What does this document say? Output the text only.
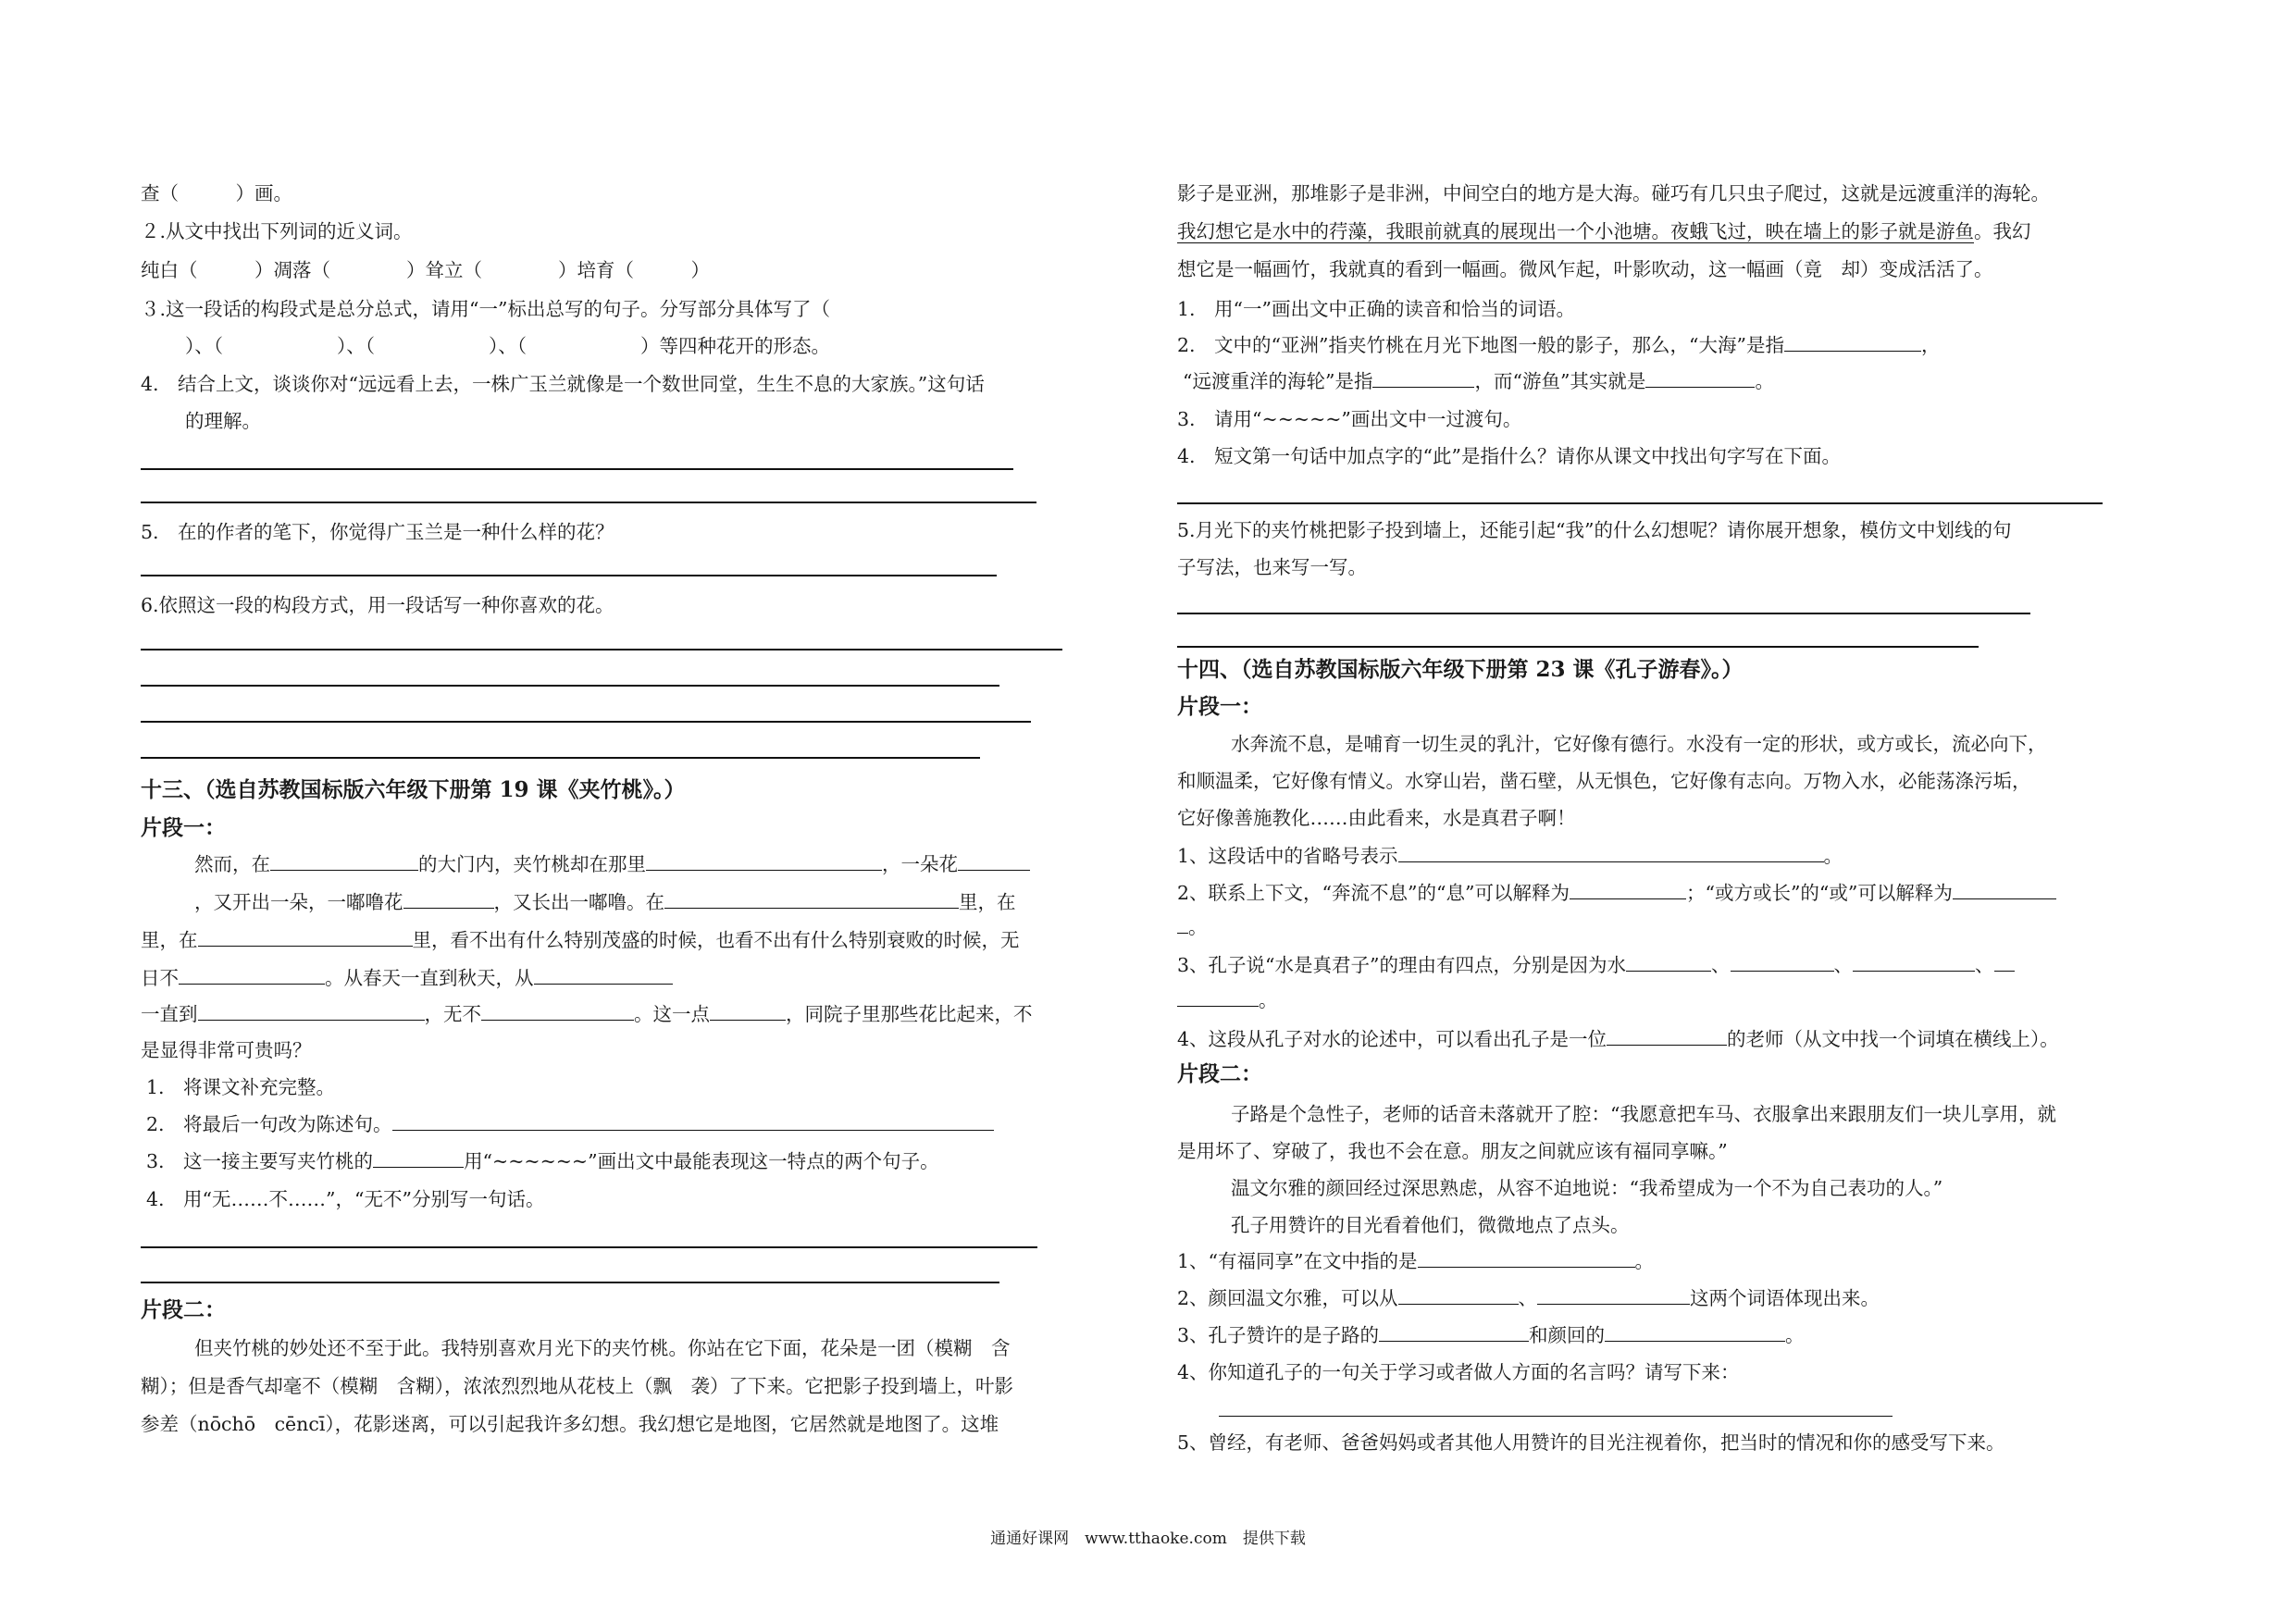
查（　　　）画。
２.从文中找出下列词的近义词。
纯白（　　　）凋落（　　　　）耸立（　　　　）培育（　　　）
３.这一段话的构段式是总分总式，请用“一”标出总写的句子。分写部分具体写了（
）、（　　　　　　）、（　　　　　　）、（　　　　　　）等四种花开的形态。
4.　结合上文，谈谈你对“远远看上去，一株广玉兰就像是一个数世同堂，生生不息的大家族。”这句话
的理解。
5.　在的作者的笔下，你觉得广玉兰是一种什么样的花？
6.依照这一段的构段方式，用一段话写一种你喜欢的花。
十三、（选自苏教国标版六年级下册第 19 课《夹竹桃》。）
片段一：
然而，在	的大门内，夹竹桃却在那里	，一朵花
，又开出一朵，一嘟噜花	，又长出一嘟噜。在	里，在
里，在	里，看不出有什么特别茂盛的时候，也看不出有什么特别衰败的时候，无
日不	。从春天一直到秋天，从
一直到	，无不	。这一点	，同院子里那些花比起来，不
是显得非常可贵吗？
1.　将课文补充完整。
2.　将最后一句改为陈述句。
3.　这一接主要写夹竹桃的	用“~~~~~~”画出文中最能表现这一特点的两个句子。
4.　用“无……不……”，“无不”分别写一句话。
片段二：
但夹竹桃的妙处还不至于此。我特别喜欢月光下的夹竹桃。你站在它下面，花朵是一团（模糊　含
糊）；但是香气却毫不（模糊　含糊），浓浓烈烈地从花枝上（飘　袭）了下来。它把影子投到墙上，叶影
参差（nōchō　cēncī），花影迷离，可以引起我许多幻想。我幻想它是地图，它居然就是地图了。这堆
影子是亚洲，那堆影子是非洲，中间空白的地方是大海。碰巧有几只虫子爬过，这就是远渡重洋的海轮。
我幻想它是水中的荇藻，我眼前就真的展现出一个小池塘。夜蛾飞过，映在墙上的影子就是游鱼。我幻
想它是一幅画竹，我就真的看到一幅画。微风乍起，叶影吹动，这一幅画（竟　却）变成活活了。
1.　用“一”画出文中正确的读音和恰当的词语。
2.　文中的“亚洲”指夹竹桃在月光下地图一般的影子，那么，“大海”是指	，
“远渡重洋的海轮”是指	，而“游鱼”其实就是	。
3.　请用“~~~~~”画出文中一过渡句。
4.　短文第一句话中加点字的“此”是指什么？请你从课文中找出句字写在下面。
5.月光下的夹竹桃把影子投到墙上，还能引起“我”的什么幻想呢？请你展开想象，模仿文中划线的句
子写法，也来写一写。
十四、（选自苏教国标版六年级下册第 23 课《孔子游春》。）
片段一：
水奔流不息，是哺育一切生灵的乳汁，它好像有德行。水没有一定的形状，或方或长，流必向下，
和顺温柔，它好像有情义。水穿山岩，凿石壁，从无惧色，它好像有志向。万物入水，必能荡涤污垢，
它好像善施教化……由此看来，水是真君子啊！
1、这段话中的省略号表示	。
2、联系上下文，“奔流不息”的“息”可以解释为	；“或方或长”的“或”可以解释为
。
3、孔子说“水是真君子”的理由有四点，分别是因为水	、	、	、
。
4、这段从孔子对水的论述中，可以看出孔子是一位	的老师（从文中找一个词填在横线上）。
片段二：
子路是个急性子，老师的话音未落就开了腔：“我愿意把车马、衣服拿出来跟朋友们一块儿享用，就
是用坏了、穿破了，我也不会在意。朋友之间就应该有福同享嘛。”
温文尔雅的颜回经过深思熟虑，从容不迫地说：“我希望成为一个不为自己表功的人。”
孔子用赞许的目光看着他们，微微地点了点头。
1、“有福同享”在文中指的是	。
2、颜回温文尔雅，可以从	、	这两个词语体现出来。
3、孔子赞许的是子路的	和颜回的	。
4、你知道孔子的一句关于学习或者做人方面的名言吗？请写下来：
5、曾经，有老师、爸爸妈妈或者其他人用赞许的目光注视着你，把当时的情况和你的感受写下来。
通通好课网　www.tthaoke.com　提供下载
